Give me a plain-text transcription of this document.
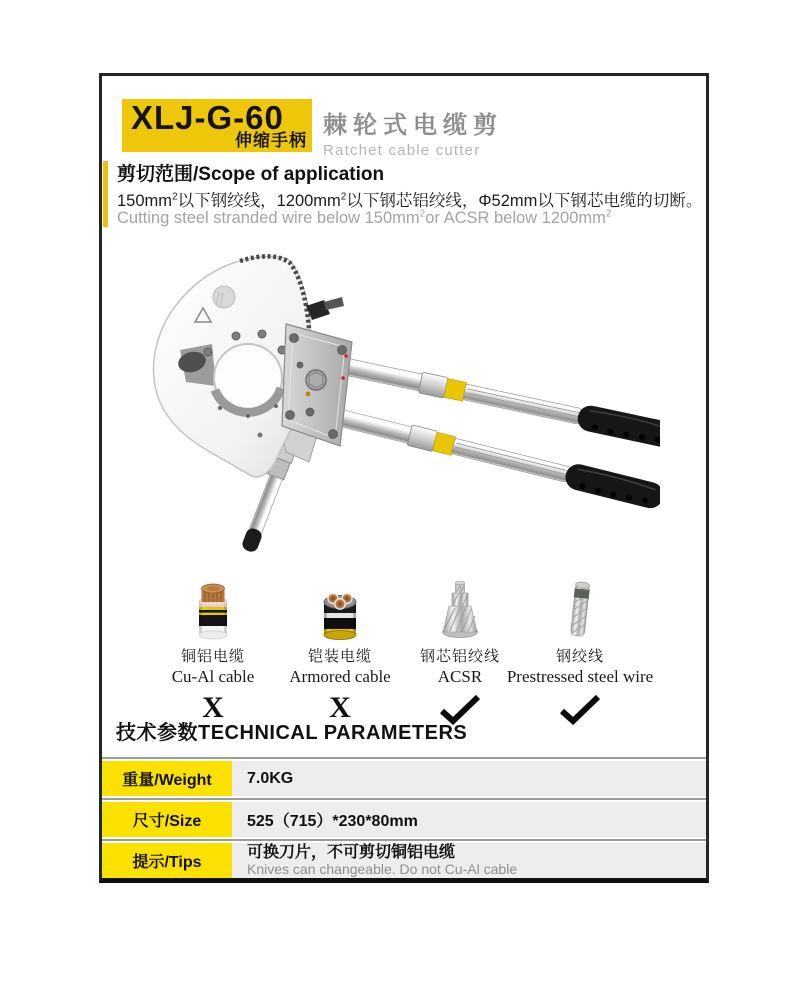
XLJ-G-60
伸缩手柄
棘轮式电缆剪
Ratchet cable cutter
剪切范围/Scope of application
$150mm^2$以下钢绞线，$1200mm^2$以下钢芯铝绞线，Φ52mm以下钢芯电缆的切断。
Cutting steel stranded wire below $150mm^2or$ ACSR below $1200mm^2$
铜铝电缆
Cu-Al cable
X
铠装电缆
Armored cable
X
钢芯铝绞线
ACSR
钢绞线
Prestressed steel wire
技术参数TECHNICAL PARAMETERS
重量/Weight	7.0KG
尺寸/Size	525（715）*230*80mm
提示/Tips
可换刀片，不可剪切铜铝电缆
Knives can changeable. Do not Cu-Al cable
